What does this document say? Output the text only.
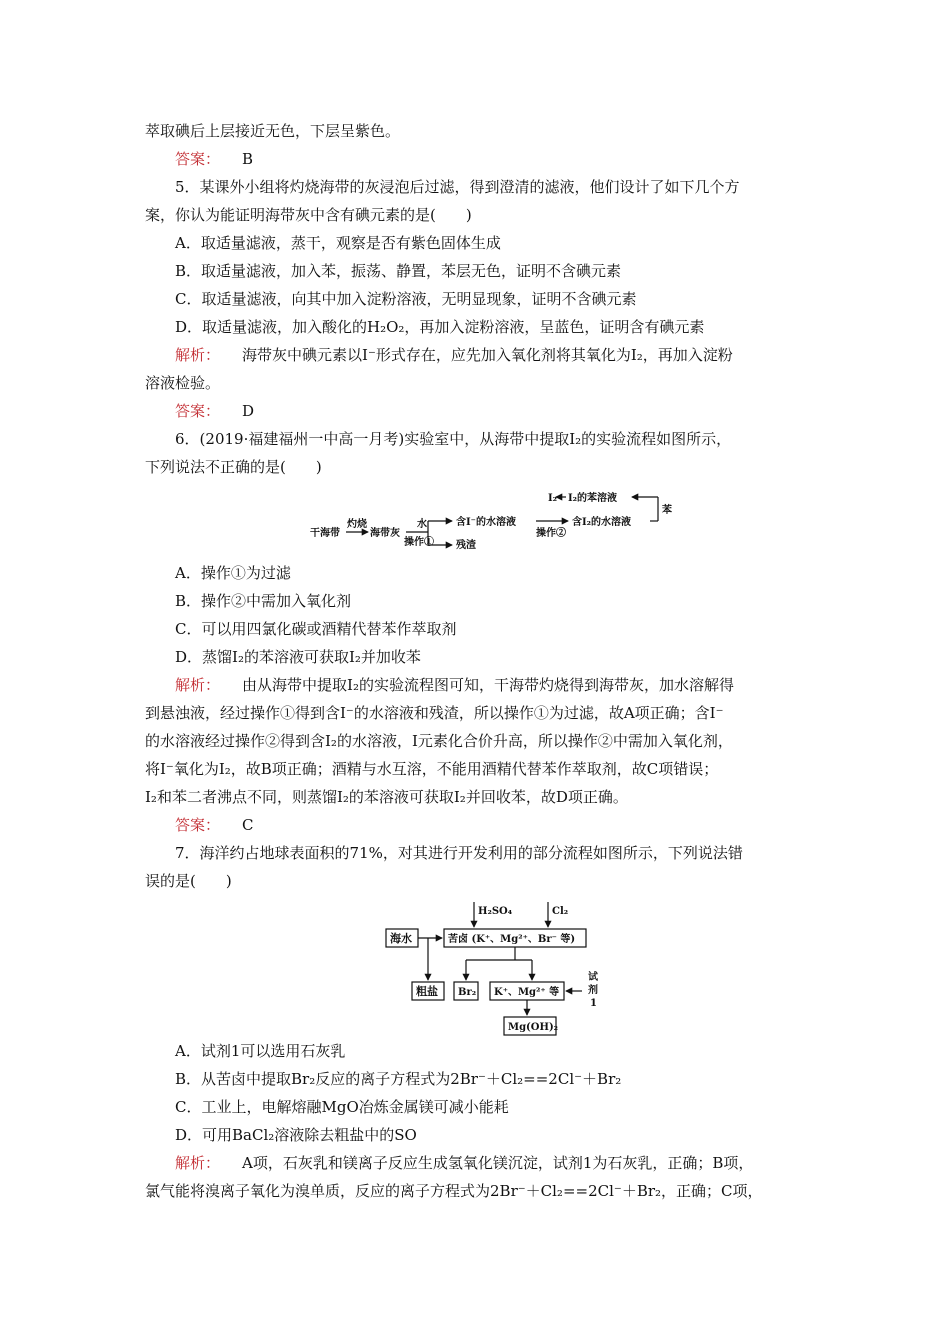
萃取碘后上层接近无色，下层呈紫色。
答案： B
5．某课外小组将灼烧海带的灰浸泡后过滤，得到澄清的滤液，他们设计了如下几个方
案，你认为能证明海带灰中含有碘元素的是(　　)
A．取适量滤液，蒸干，观察是否有紫色固体生成
B．取适量滤液，加入苯，振荡、静置，苯层无色，证明不含碘元素
C．取适量滤液，向其中加入淀粉溶液，无明显现象，证明不含碘元素
D．取适量滤液，加入酸化的H₂O₂，再加入淀粉溶液，呈蓝色，证明含有碘元素
解析： 海带灰中碘元素以I⁻形式存在，应先加入氧化剂将其氧化为I₂，再加入淀粉
溶液检验。
答案： D
6．(2019·福建福州一中高一月考)实验室中，从海带中提取I₂的实验流程如图所示，
下列说法不正确的是(　　)
干海带
灼烧
海带灰
水
操作①
含I⁻的水溶液
残渣
操作②
含I₂的水溶液
苯
I₂的苯溶液
I₂
A．操作①为过滤
B．操作②中需加入氧化剂
C．可以用四氯化碳或酒精代替苯作萃取剂
D．蒸馏I₂的苯溶液可获取I₂并加收苯
解析： 由从海带中提取I₂的实验流程图可知，干海带灼烧得到海带灰，加水溶解得
到悬浊液，经过操作①得到含I⁻的水溶液和残渣，所以操作①为过滤，故A项正确；含I⁻
的水溶液经过操作②得到含I₂的水溶液，I元素化合价升高，所以操作②中需加入氧化剂，
将I⁻氧化为I₂，故B项正确；酒精与水互溶，不能用酒精代替苯作萃取剂，故C项错误；
I₂和苯二者沸点不同，则蒸馏I₂的苯溶液可获取I₂并回收苯，故D项正确。
答案： C
7．海洋约占地球表面积的71%，对其进行开发利用的部分流程如图所示，下列说法错
误的是(　　)
海水	苦卤 (K⁺、Mg²⁺、Br⁻ 等)
H₂SO₄	Cl₂
粗盐 Br₂ K⁺、Mg²⁺ 等
试
剂
1
Mg(OH)₂
A．试剂1可以选用石灰乳
B．从苦卤中提取Br₂反应的离子方程式为2Br⁻＋Cl₂==2Cl⁻＋Br₂
C．工业上，电解熔融MgO冶炼金属镁可减小能耗
D．可用BaCl₂溶液除去粗盐中的SO
解析： A项，石灰乳和镁离子反应生成氢氧化镁沉淀，试剂1为石灰乳，正确；B项，
氯气能将溴离子氧化为溴单质，反应的离子方程式为2Br⁻＋Cl₂==2Cl⁻＋Br₂，正确；C项，
